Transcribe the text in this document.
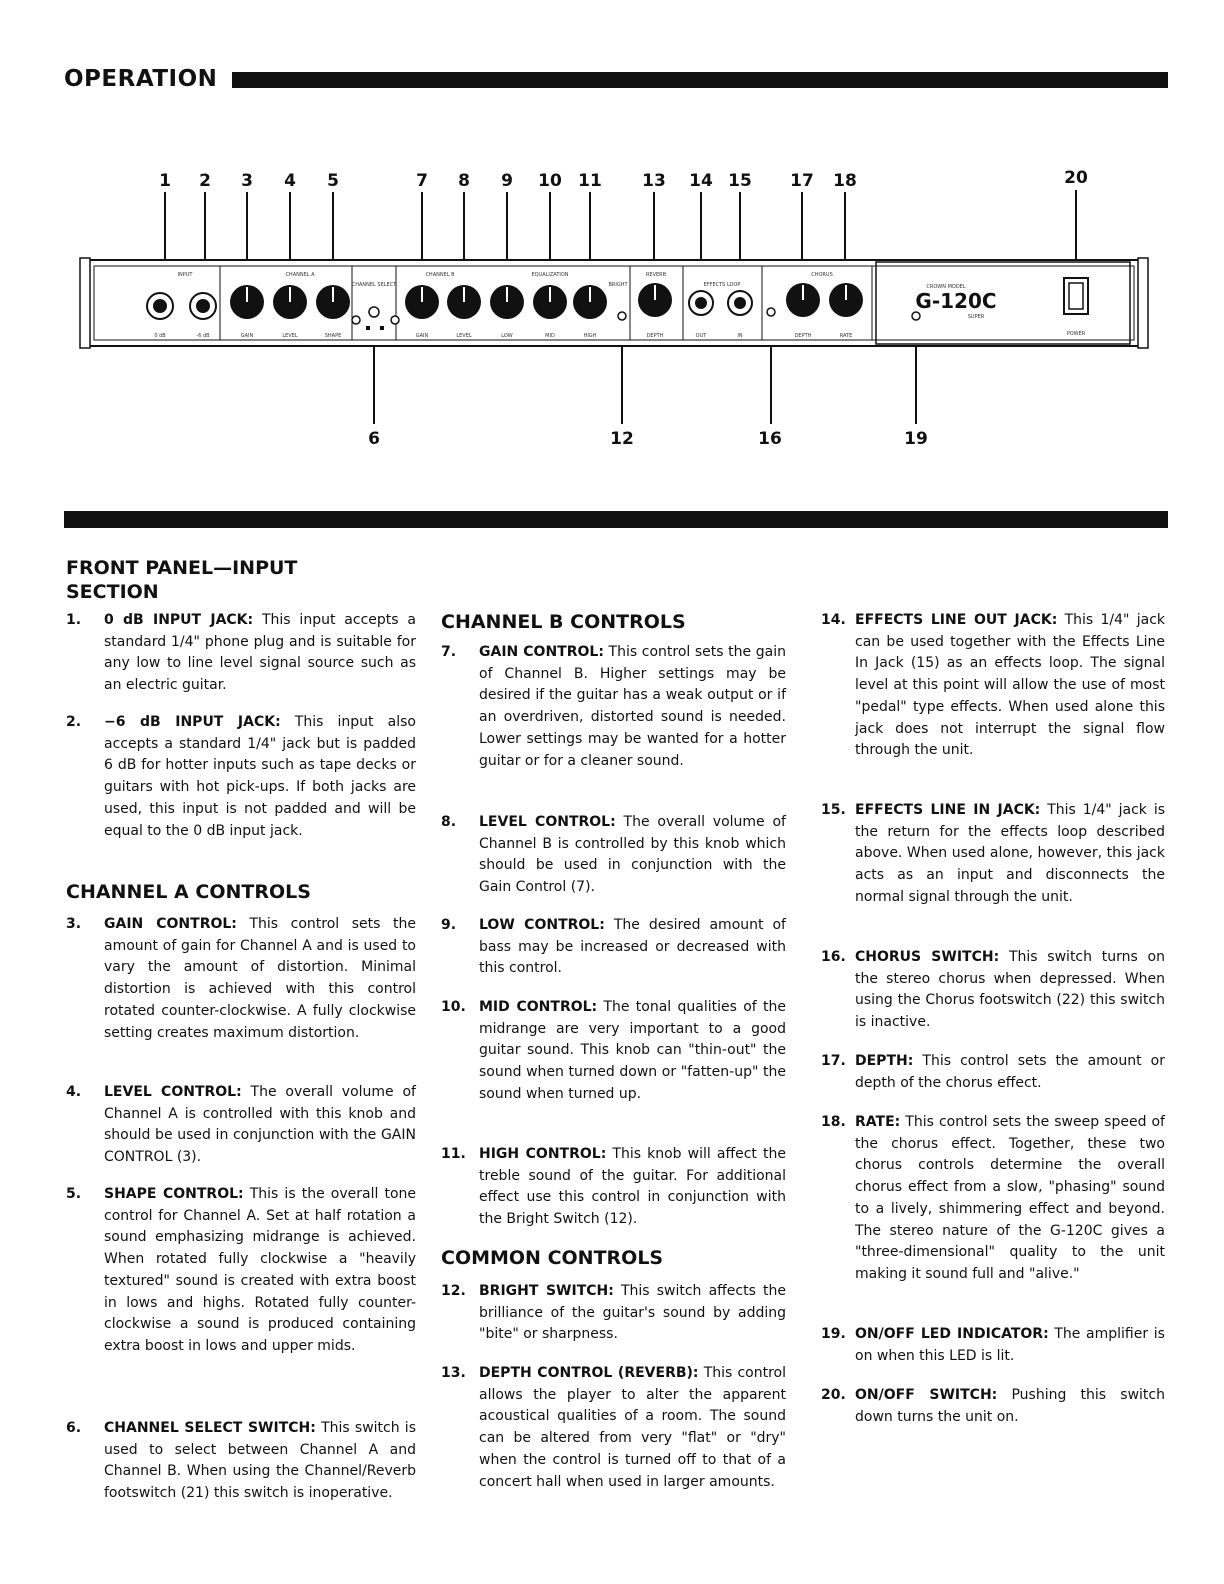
OPERATION
1 2 3 4 5	7 8 9 10 11 13 14 15 17 18	20
6	12	16	19
INPUT	CHANNEL A
CHANNEL SELECT
CHANNEL B	EQUALIZATION
BRIGHT
REVERB
EFFECTS LOOP
CHORUS
POWER
0 dB	-6 dB	GAIN	LEVEL	SHAPE	GAIN	LEVEL	LOW	MID	HIGH	DEPTH	OUT	IN	DEPTH	RATE
CROWN MODEL
G-120C
SUPER
FRONT PANEL—INPUT SECTION
1.	0 dB INPUT JACK: This input accepts a standard 1/4" phone plug and is suitable for any low to line level signal source such as an electric guitar.
2.	−6 dB INPUT JACK: This input also accepts a standard 1/4" jack but is padded 6 dB for hotter inputs such as tape decks or guitars with hot pick-ups. If both jacks are used, this input is not padded and will be equal to the 0 dB input jack.
CHANNEL A CONTROLS
3.	GAIN CONTROL: This control sets the amount of gain for Channel A and is used to vary the amount of distortion. Minimal distortion is achieved with this control rotated counter-clockwise. A fully clockwise setting creates maximum distortion.
4.	LEVEL CONTROL: The overall volume of Channel A is controlled with this knob and should be used in conjunction with the GAIN CONTROL (3).
5.	SHAPE CONTROL: This is the overall tone control for Channel A. Set at half rotation a sound emphasizing midrange is achieved. When rotated fully clockwise a "heavily textured" sound is created with extra boost in lows and highs. Rotated fully counter-clockwise a sound is produced containing extra boost in lows and upper mids.
6.	CHANNEL SELECT SWITCH: This switch is used to select between Channel A and Channel B. When using the Channel/Reverb footswitch (21) this switch is inoperative.
CHANNEL B CONTROLS
7.	GAIN CONTROL: This control sets the gain of Channel B. Higher settings may be desired if the guitar has a weak output or if an overdriven, distorted sound is needed. Lower settings may be wanted for a hotter guitar or for a cleaner sound.
8.	LEVEL CONTROL: The overall volume of Channel B is controlled by this knob which should be used in conjunction with the Gain Control (7).
9.	LOW CONTROL: The desired amount of bass may be increased or decreased with this control.
10. MID CONTROL: The tonal qualities of the midrange are very important to a good guitar sound. This knob can "thin-out" the sound when turned down or "fatten-up" the sound when turned up.
11. HIGH CONTROL: This knob will affect the treble sound of the guitar. For additional effect use this control in conjunction with the Bright Switch (12).
COMMON CONTROLS
12. BRIGHT SWITCH: This switch affects the brilliance of the guitar's sound by adding "bite" or sharpness.
13. DEPTH CONTROL (REVERB): This control allows the player to alter the apparent acoustical qualities of a room. The sound can be altered from very "flat" or "dry" when the control is turned off to that of a concert hall when used in larger amounts.
14. EFFECTS LINE OUT JACK: This 1/4" jack can be used together with the Effects Line In Jack (15) as an effects loop. The signal level at this point will allow the use of most "pedal" type effects. When used alone this jack does not interrupt the signal flow through the unit.
15. EFFECTS LINE IN JACK: This 1/4" jack is the return for the effects loop described above. When used alone, however, this jack acts as an input and disconnects the normal signal through the unit.
16. CHORUS SWITCH: This switch turns on the stereo chorus when depressed. When using the Chorus footswitch (22) this switch is inactive.
17. DEPTH: This control sets the amount or depth of the chorus effect.
18. RATE: This control sets the sweep speed of the chorus effect. Together, these two chorus controls determine the overall chorus effect from a slow, "phasing" sound to a lively, shimmering effect and beyond. The stereo nature of the G-120C gives a "three-dimensional" quality to the unit making it sound full and "alive."
19. ON/OFF LED INDICATOR: The amplifier is on when this LED is lit.
20. ON/OFF SWITCH: Pushing this switch down turns the unit on.
